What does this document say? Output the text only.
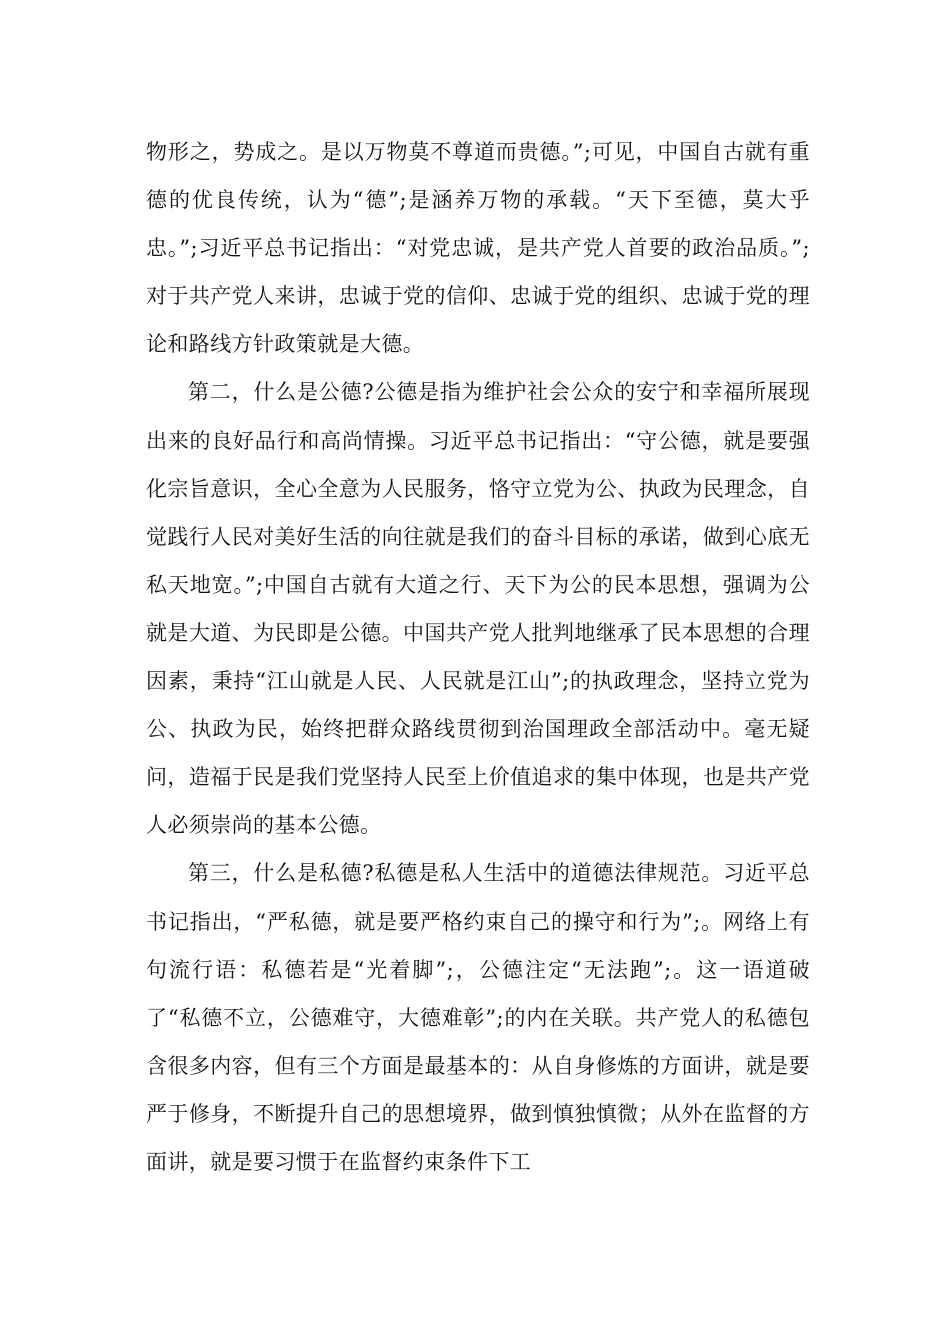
物形之，势成之。是以万物莫不尊道而贵德。”;可见，中国自古就有重德的优良传统，认为“德”;是涵养万物的承载。“天下至德，莫大乎忠。”;习近平总书记指出：“对党忠诚，是共产党人首要的政治品质。”;对于共产党人来讲，忠诚于党的信仰、忠诚于党的组织、忠诚于党的理论和路线方针政策就是大德。

第二，什么是公德?公德是指为维护社会公众的安宁和幸福所展现出来的良好品行和高尚情操。习近平总书记指出：“守公德，就是要强化宗旨意识，全心全意为人民服务，恪守立党为公、执政为民理念，自觉践行人民对美好生活的向往就是我们的奋斗目标的承诺，做到心底无私天地宽。”;中国自古就有大道之行、天下为公的民本思想，强调为公就是大道、为民即是公德。中国共产党人批判地继承了民本思想的合理因素，秉持“江山就是人民、人民就是江山”;的执政理念，坚持立党为公、执政为民，始终把群众路线贯彻到治国理政全部活动中。毫无疑问，造福于民是我们党坚持人民至上价值追求的集中体现，也是共产党人必须崇尚的基本公德。

第三，什么是私德?私德是私人生活中的道德法律规范。习近平总书记指出，“严私德，就是要严格约束自己的操守和行为”;。网络上有句流行语：私德若是“光着脚”;，公德注定“无法跑”;。这一语道破了“私德不立，公德难守，大德难彰”;的内在关联。共产党人的私德包含很多内容，但有三个方面是最基本的：从自身修炼的方面讲，就是要严于修身，不断提升自己的思想境界，做到慎独慎微；从外在监督的方面讲，就是要习惯于在监督约束条件下工
